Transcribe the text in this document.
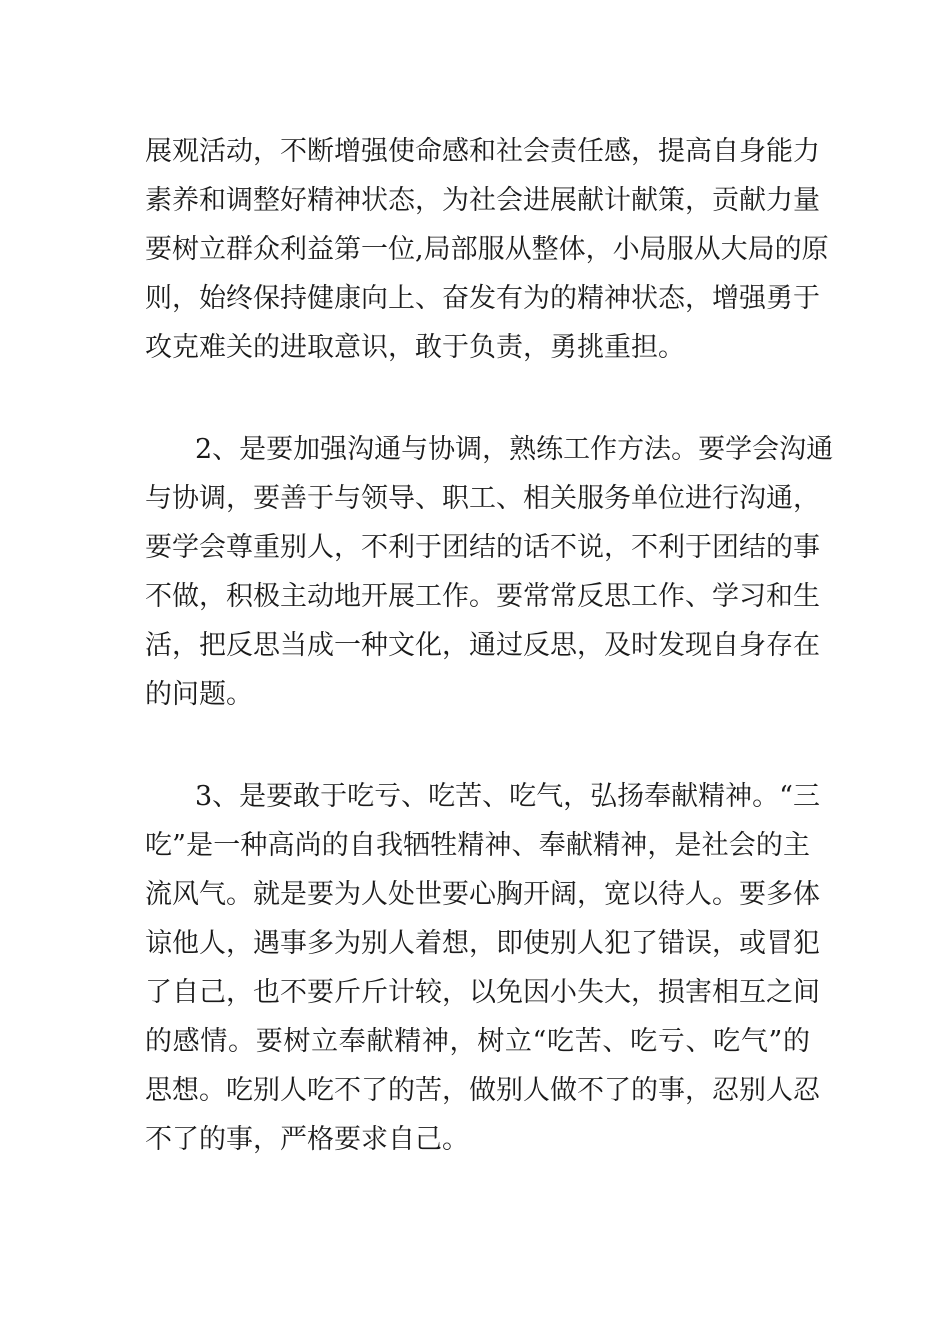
展观活动，不断增强使命感和社会责任感，提高自身能力
素养和调整好精神状态，为社会进展献计献策，贡献力量
要树立群众利益第一位,局部服从整体，小局服从大局的原
则，始终保持健康向上、奋发有为的精神状态，增强勇于
攻克难关的进取意识，敢于负责，勇挑重担。
2、是要加强沟通与协调，熟练工作方法。要学会沟通
与协调，要善于与领导、职工、相关服务单位进行沟通，
要学会尊重别人，不利于团结的话不说，不利于团结的事
不做，积极主动地开展工作。要常常反思工作、学习和生
活，把反思当成一种文化，通过反思，及时发现自身存在
的问题。
3、是要敢于吃亏、吃苦、吃气，弘扬奉献精神。“三
吃”是一种高尚的自我牺牲精神、奉献精神，是社会的主
流风气。就是要为人处世要心胸开阔，宽以待人。要多体
谅他人，遇事多为别人着想，即使别人犯了错误，或冒犯
了自己，也不要斤斤计较，以免因小失大，损害相互之间
的感情。要树立奉献精神，树立“吃苦、吃亏、吃气”的
思想。吃别人吃不了的苦，做别人做不了的事，忍别人忍
不了的事，严格要求自己。
